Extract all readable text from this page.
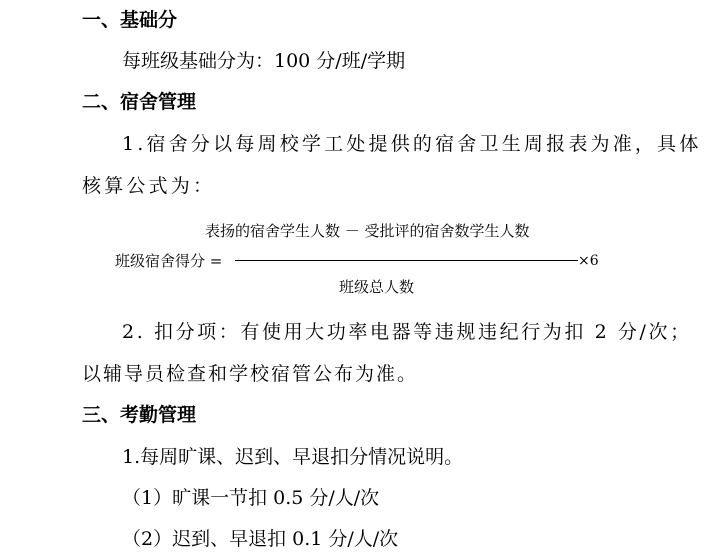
一、基础分
每班级基础分为：100 分/班/学期
二、宿舍管理
1.宿舍分以每周校学工处提供的宿舍卫生周报表为准，具体
核算公式为：
表扬的宿舍学生人数 － 受批评的宿舍数学生人数
班级宿舍得分 =	×6
班级总人数
2. 扣分项：有使用大功率电器等违规违纪行为扣 2 分/次；
以辅导员检查和学校宿管公布为准。
三、考勤管理
1.每周旷课、迟到、早退扣分情况说明。
（1）旷课一节扣 0.5 分/人/次
（2）迟到、早退扣 0.1 分/人/次
